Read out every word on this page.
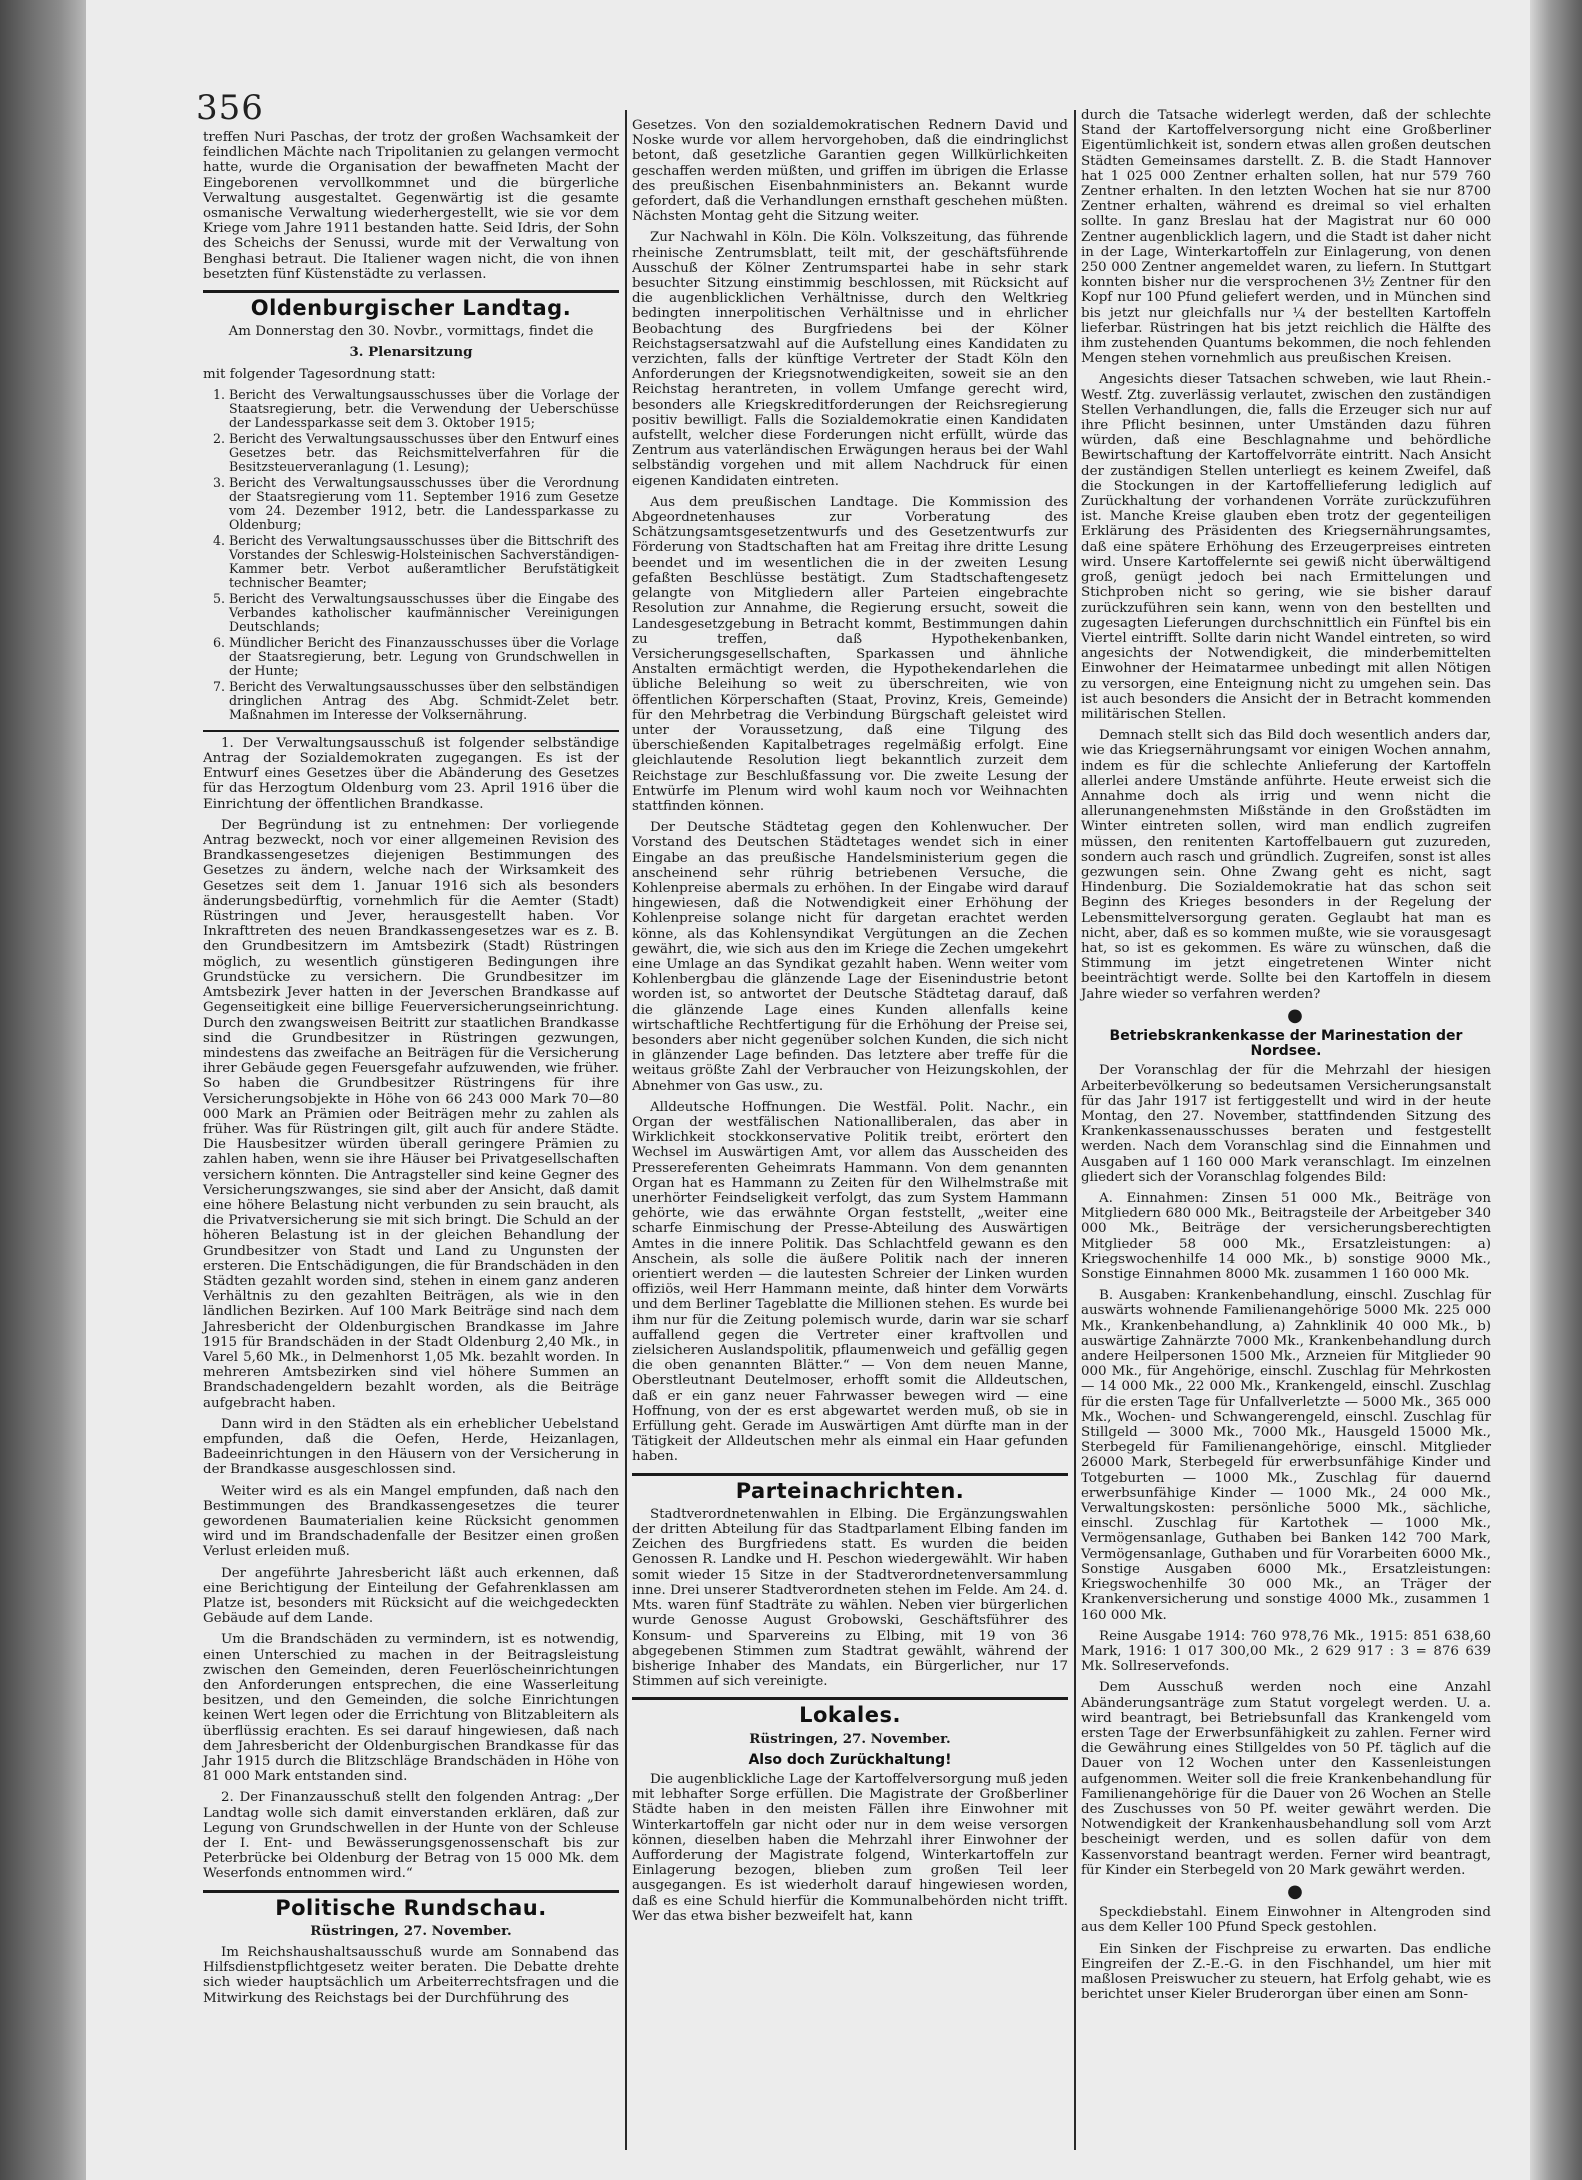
356

treffen Nuri Paschas, der trotz der großen Wachsamkeit der feindlichen Mächte nach Tripolitanien zu gelangen vermocht hatte, wurde die Organisation der bewaffneten Macht der Eingeborenen vervollkommnet und die bürgerliche Verwaltung ausgestaltet. Gegenwärtig ist die gesamte osmanische Verwaltung wiederhergestellt, wie sie vor dem Kriege vom Jahre 1911 bestanden hatte. Seid Idris, der Sohn des Scheichs der Senussi, wurde mit der Verwaltung von Benghasi betraut. Die Italiener wagen nicht, die von ihnen besetzten fünf Küstenstädte zu verlassen.

Oldenburgischer Landtag.

Am Donnerstag den 30. Novbr., vormittags, findet die

3. Plenarsitzung

mit folgender Tagesordnung statt:

1. Bericht des Verwaltungsausschusses über die Vorlage der Staatsregierung, betr. die Verwendung der Ueberschüsse der Landessparkasse seit dem 3. Oktober 1915;
2. Bericht des Verwaltungsausschusses über den Entwurf eines Gesetzes betr. das Reichsmittelverfahren für die Besitzsteuerveranlagung (1. Lesung);
3. Bericht des Verwaltungsausschusses über die Verordnung der Staatsregierung vom 11. September 1916 zum Gesetze vom 24. Dezember 1912, betr. die Landessparkasse zu Oldenburg;
4. Bericht des Verwaltungsausschusses über die Bittschrift des Vorstandes der Schleswig-Holsteinischen Sachverständigen-Kammer betr. Verbot außeramtlicher Berufstätigkeit technischer Beamter;
5. Bericht des Verwaltungsausschusses über die Eingabe des Verbandes katholischer kaufmännischer Vereinigungen Deutschlands;
6. Mündlicher Bericht des Finanzausschusses über die Vorlage der Staatsregierung, betr. Legung von Grundschwellen in der Hunte;
7. Bericht des Verwaltungsausschusses über den selbständigen dringlichen Antrag des Abg. Schmidt-Zelet betr. Maßnahmen im Interesse der Volksernährung.

1. Der Verwaltungsausschuß ist folgender selbständige Antrag der Sozialdemokraten zugegangen. Es ist der Entwurf eines Gesetzes über die Abänderung des Gesetzes für das Herzogtum Oldenburg vom 23. April 1916 über die Einrichtung der öffentlichen Brandkasse.

Der Begründung ist zu entnehmen: Der vorliegende Antrag bezweckt, noch vor einer allgemeinen Revision des Brandkassengesetzes diejenigen Bestimmungen des Gesetzes zu ändern, welche nach der Wirksamkeit des Gesetzes seit dem 1. Januar 1916 sich als besonders änderungsbedürftig, vornehmlich für die Aemter (Stadt) Rüstringen und Jever, herausgestellt haben. Vor Inkrafttreten des neuen Brandkassengesetzes war es z. B. den Grundbesitzern im Amtsbezirk (Stadt) Rüstringen möglich, zu wesentlich günstigeren Bedingungen ihre Grundstücke zu versichern. Die Grundbesitzer im Amtsbezirk Jever hatten in der Jeverschen Brandkasse auf Gegenseitigkeit eine billige Feuerversicherungseinrichtung. Durch den zwangsweisen Beitritt zur staatlichen Brandkasse sind die Grundbesitzer in Rüstringen gezwungen, mindestens das zweifache an Beiträgen für die Versicherung ihrer Gebäude gegen Feuersgefahr aufzuwenden, wie früher. So haben die Grundbesitzer Rüstringens für ihre Versicherungsobjekte in Höhe von 66 243 000 Mark 70—80 000 Mark an Prämien oder Beiträgen mehr zu zahlen als früher. Was für Rüstringen gilt, gilt auch für andere Städte. Die Hausbesitzer würden überall geringere Prämien zu zahlen haben, wenn sie ihre Häuser bei Privatgesellschaften versichern könnten. Die Antragsteller sind keine Gegner des Versicherungszwanges, sie sind aber der Ansicht, daß damit eine höhere Belastung nicht verbunden zu sein braucht, als die Privatversicherung sie mit sich bringt. Die Schuld an der höheren Belastung ist in der gleichen Behandlung der Grundbesitzer von Stadt und Land zu Ungunsten der ersteren. Die Entschädigungen, die für Brandschäden in den Städten gezahlt worden sind, stehen in einem ganz anderen Verhältnis zu den gezahlten Beiträgen, als wie in den ländlichen Bezirken. Auf 100 Mark Beiträge sind nach dem Jahresbericht der Oldenburgischen Brandkasse im Jahre 1915 für Brandschäden in der Stadt Oldenburg 2,40 Mk., in Varel 5,60 Mk., in Delmenhorst 1,05 Mk. bezahlt worden. In mehreren Amtsbezirken sind viel höhere Summen an Brandschadengeldern bezahlt worden, als die Beiträge aufgebracht haben.

Dann wird in den Städten als ein erheblicher Uebelstand empfunden, daß die Oefen, Herde, Heizanlagen, Badeeinrichtungen in den Häusern von der Versicherung in der Brandkasse ausgeschlossen sind.

Weiter wird es als ein Mangel empfunden, daß nach den Bestimmungen des Brandkassengesetzes die teurer gewordenen Baumaterialien keine Rücksicht genommen wird und im Brandschadenfalle der Besitzer einen großen Verlust erleiden muß.

Der angeführte Jahresbericht läßt auch erkennen, daß eine Berichtigung der Einteilung der Gefahrenklassen am Platze ist, besonders mit Rücksicht auf die weichgedeckten Gebäude auf dem Lande.

Um die Brandschäden zu vermindern, ist es notwendig, einen Unterschied zu machen in der Beitragsleistung zwischen den Gemeinden, deren Feuerlöscheinrichtungen den Anforderungen entsprechen, die eine Wasserleitung besitzen, und den Gemeinden, die solche Einrichtungen keinen Wert legen oder die Errichtung von Blitzableitern als überflüssig erachten. Es sei darauf hingewiesen, daß nach dem Jahresbericht der Oldenburgischen Brandkasse für das Jahr 1915 durch die Blitzschläge Brandschäden in Höhe von 81 000 Mark entstanden sind.

2. Der Finanzausschuß stellt den folgenden Antrag: „Der Landtag wolle sich damit einverstanden erklären, daß zur Legung von Grundschwellen in der Hunte von der Schleuse der I. Ent- und Bewässerungsgenossenschaft bis zur Peterbrücke bei Oldenburg der Betrag von 15 000 Mk. dem Weserfonds entnommen wird.“

Politische Rundschau.

Rüstringen, 27. November.

Im Reichshaushaltsausschuß wurde am Sonnabend das Hilfsdienstpflichtgesetz weiter beraten. Die Debatte drehte sich wieder hauptsächlich um Arbeiterrechtsfragen und die Mitwirkung des Reichstags bei der Durchführung des

Gesetzes. Von den sozialdemokratischen Rednern David und Noske wurde vor allem hervorgehoben, daß die eindringlichst betont, daß gesetzliche Garantien gegen Willkürlichkeiten geschaffen werden müßten, und griffen im übrigen die Erlasse des preußischen Eisenbahnministers an. Bekannt wurde gefordert, daß die Verhandlungen ernsthaft geschehen müßten. Nächsten Montag geht die Sitzung weiter.

Zur Nachwahl in Köln. Die Köln. Volkszeitung, das führende rheinische Zentrumsblatt, teilt mit, der geschäftsführende Ausschuß der Kölner Zentrumspartei habe in sehr stark besuchter Sitzung einstimmig beschlossen, mit Rücksicht auf die augenblicklichen Verhältnisse, durch den Weltkrieg bedingten innerpolitischen Verhältnisse und in ehrlicher Beobachtung des Burgfriedens bei der Kölner Reichstagsersatzwahl auf die Aufstellung eines Kandidaten zu verzichten, falls der künftige Vertreter der Stadt Köln den Anforderungen der Kriegsnotwendigkeiten, soweit sie an den Reichstag herantreten, in vollem Umfange gerecht wird, besonders alle Kriegskreditforderungen der Reichsregierung positiv bewilligt. Falls die Sozialdemokratie einen Kandidaten aufstellt, welcher diese Forderungen nicht erfüllt, würde das Zentrum aus vaterländischen Erwägungen heraus bei der Wahl selbständig vorgehen und mit allem Nachdruck für einen eigenen Kandidaten eintreten.

Aus dem preußischen Landtage. Die Kommission des Abgeordnetenhauses zur Vorberatung des Schätzungsamtsgesetzentwurfs und des Gesetzentwurfs zur Förderung von Stadtschaften hat am Freitag ihre dritte Lesung beendet und im wesentlichen die in der zweiten Lesung gefaßten Beschlüsse bestätigt. Zum Stadtschaftengesetz gelangte von Mitgliedern aller Parteien eingebrachte Resolution zur Annahme, die Regierung ersucht, soweit die Landesgesetzgebung in Betracht kommt, Bestimmungen dahin zu treffen, daß Hypothekenbanken, Versicherungsgesellschaften, Sparkassen und ähnliche Anstalten ermächtigt werden, die Hypothekendarlehen die übliche Beleihung so weit zu überschreiten, wie von öffentlichen Körperschaften (Staat, Provinz, Kreis, Gemeinde) für den Mehrbetrag die Verbindung Bürgschaft geleistet wird unter der Voraussetzung, daß eine Tilgung des überschießenden Kapitalbetrages regelmäßig erfolgt. Eine gleichlautende Resolution liegt bekanntlich zurzeit dem Reichstage zur Beschlußfassung vor. Die zweite Lesung der Entwürfe im Plenum wird wohl kaum noch vor Weihnachten stattfinden können.

Der Deutsche Städtetag gegen den Kohlenwucher. Der Vorstand des Deutschen Städtetages wendet sich in einer Eingabe an das preußische Handelsministerium gegen die anscheinend sehr rührig betriebenen Versuche, die Kohlenpreise abermals zu erhöhen. In der Eingabe wird darauf hingewiesen, daß die Notwendigkeit einer Erhöhung der Kohlenpreise solange nicht für dargetan erachtet werden könne, als das Kohlensyndikat Vergütungen an die Zechen gewährt, die, wie sich aus den im Kriege die Zechen umgekehrt eine Umlage an das Syndikat gezahlt haben. Wenn weiter vom Kohlenbergbau die glänzende Lage der Eisenindustrie betont worden ist, so antwortet der Deutsche Städtetag darauf, daß die glänzende Lage eines Kunden allenfalls keine wirtschaftliche Rechtfertigung für die Erhöhung der Preise sei, besonders aber nicht gegenüber solchen Kunden, die sich nicht in glänzender Lage befinden. Das letztere aber treffe für die weitaus größte Zahl der Verbraucher von Heizungskohlen, der Abnehmer von Gas usw., zu.

Alldeutsche Hoffnungen. Die Westfäl. Polit. Nachr., ein Organ der westfälischen Nationalliberalen, das aber in Wirklichkeit stockkonservative Politik treibt, erörtert den Wechsel im Auswärtigen Amt, vor allem das Ausscheiden des Pressereferenten Geheimrats Hammann. Von dem genannten Organ hat es Hammann zu Zeiten für den Wilhelmstraße mit unerhörter Feindseligkeit verfolgt, das zum System Hammann gehörte, wie das erwähnte Organ feststellt, „weiter eine scharfe Einmischung der Presse-Abteilung des Auswärtigen Amtes in die innere Politik. Das Schlachtfeld gewann es den Anschein, als solle die äußere Politik nach der inneren orientiert werden — die lautesten Schreier der Linken wurden offiziös, weil Herr Hammann meinte, daß hinter dem Vorwärts und dem Berliner Tageblatte die Millionen stehen. Es wurde bei ihm nur für die Zeitung polemisch wurde, darin war sie scharf auffallend gegen die Vertreter einer kraftvollen und zielsicheren Auslandspolitik, pflaumenweich und gefällig gegen die oben genannten Blätter.“ — Von dem neuen Manne, Oberstleutnant Deutelmoser, erhofft somit die Alldeutschen, daß er ein ganz neuer Fahrwasser bewegen wird — eine Hoffnung, von der es erst abgewartet werden muß, ob sie in Erfüllung geht. Gerade im Auswärtigen Amt dürfte man in der Tätigkeit der Alldeutschen mehr als einmal ein Haar gefunden haben.

Parteinachrichten.

Stadtverordnetenwahlen in Elbing. Die Ergänzungswahlen der dritten Abteilung für das Stadtparlament Elbing fanden im Zeichen des Burgfriedens statt. Es wurden die beiden Genossen R. Landke und H. Peschon wiedergewählt. Wir haben somit wieder 15 Sitze in der Stadtverordnetenversammlung inne. Drei unserer Stadtverordneten stehen im Felde. Am 24. d. Mts. waren fünf Stadträte zu wählen. Neben vier bürgerlichen wurde Genosse August Grobowski, Geschäftsführer des Konsum- und Sparvereins zu Elbing, mit 19 von 36 abgegebenen Stimmen zum Stadtrat gewählt, während der bisherige Inhaber des Mandats, ein Bürgerlicher, nur 17 Stimmen auf sich vereinigte.

Lokales.

Rüstringen, 27. November.

Also doch Zurückhaltung!

Die augenblickliche Lage der Kartoffelversorgung muß jeden mit lebhafter Sorge erfüllen. Die Magistrate der Großberliner Städte haben in den meisten Fällen ihre Einwohner mit Winterkartoffeln gar nicht oder nur in dem weise versorgen können, dieselben haben die Mehrzahl ihrer Einwohner der Aufforderung der Magistrate folgend, Winterkartoffeln zur Einlagerung bezogen, blieben zum großen Teil leer ausgegangen. Es ist wiederholt darauf hingewiesen worden, daß es eine Schuld hierfür die Kommunalbehörden nicht trifft. Wer das etwa bisher bezweifelt hat, kann

durch die Tatsache widerlegt werden, daß der schlechte Stand der Kartoffelversorgung nicht eine Großberliner Eigentümlichkeit ist, sondern etwas allen großen deutschen Städten Gemeinsames darstellt. Z. B. die Stadt Hannover hat 1 025 000 Zentner erhalten sollen, hat nur 579 760 Zentner erhalten. In den letzten Wochen hat sie nur 8700 Zentner erhalten, während es dreimal so viel erhalten sollte. In ganz Breslau hat der Magistrat nur 60 000 Zentner augenblicklich lagern, und die Stadt ist daher nicht in der Lage, Winterkartoffeln zur Einlagerung, von denen 250 000 Zentner angemeldet waren, zu liefern. In Stuttgart konnten bisher nur die versprochenen 3½ Zentner für den Kopf nur 100 Pfund geliefert werden, und in München sind bis jetzt nur gleichfalls nur ¼ der bestellten Kartoffeln lieferbar. Rüstringen hat bis jetzt reichlich die Hälfte des ihm zustehenden Quantums bekommen, die noch fehlenden Mengen stehen vornehmlich aus preußischen Kreisen.

Angesichts dieser Tatsachen schweben, wie laut Rhein.-Westf. Ztg. zuverlässig verlautet, zwischen den zuständigen Stellen Verhandlungen, die, falls die Erzeuger sich nur auf ihre Pflicht besinnen, unter Umständen dazu führen würden, daß eine Beschlagnahme und behördliche Bewirtschaftung der Kartoffelvorräte eintritt. Nach Ansicht der zuständigen Stellen unterliegt es keinem Zweifel, daß die Stockungen in der Kartoffellieferung lediglich auf Zurückhaltung der vorhandenen Vorräte zurückzuführen ist. Manche Kreise glauben eben trotz der gegenteiligen Erklärung des Präsidenten des Kriegsernährungsamtes, daß eine spätere Erhöhung des Erzeugerpreises eintreten wird. Unsere Kartoffelernte sei gewiß nicht überwältigend groß, genügt jedoch bei nach Ermittelungen und Stichproben nicht so gering, wie sie bisher darauf zurückzuführen sein kann, wenn von den bestellten und zugesagten Lieferungen durchschnittlich ein Fünftel bis ein Viertel eintrifft. Sollte darin nicht Wandel eintreten, so wird angesichts der Notwendigkeit, die minderbemittelten Einwohner der Heimatarmee unbedingt mit allen Nötigen zu versorgen, eine Enteignung nicht zu umgehen sein. Das ist auch besonders die Ansicht der in Betracht kommenden militärischen Stellen.

Demnach stellt sich das Bild doch wesentlich anders dar, wie das Kriegsernährungsamt vor einigen Wochen annahm, indem es für die schlechte Anlieferung der Kartoffeln allerlei andere Umstände anführte. Heute erweist sich die Annahme doch als irrig und wenn nicht die allerunangenehmsten Mißstände in den Großstädten im Winter eintreten sollen, wird man endlich zugreifen müssen, den renitenten Kartoffelbauern gut zuzureden, sondern auch rasch und gründlich. Zugreifen, sonst ist alles gezwungen sein. Ohne Zwang geht es nicht, sagt Hindenburg. Die Sozialdemokratie hat das schon seit Beginn des Krieges besonders in der Regelung der Lebensmittelversorgung geraten. Geglaubt hat man es nicht, aber, daß es so kommen mußte, wie sie vorausgesagt hat, so ist es gekommen. Es wäre zu wünschen, daß die Stimmung im jetzt eingetretenen Winter nicht beeinträchtigt werde. Sollte bei den Kartoffeln in diesem Jahre wieder so verfahren werden?

●

Betriebskrankenkasse der Marinestation der Nordsee.

Der Voranschlag der für die Mehrzahl der hiesigen Arbeiterbevölkerung so bedeutsamen Versicherungsanstalt für das Jahr 1917 ist fertiggestellt und wird in der heute Montag, den 27. November, stattfindenden Sitzung des Krankenkassenausschusses beraten und festgestellt werden. Nach dem Voranschlag sind die Einnahmen und Ausgaben auf 1 160 000 Mark veranschlagt. Im einzelnen gliedert sich der Voranschlag folgendes Bild:

A. Einnahmen: Zinsen 51 000 Mk., Beiträge von Mitgliedern 680 000 Mk., Beitragsteile der Arbeitgeber 340 000 Mk., Beiträge der versicherungsberechtigten Mitglieder 58 000 Mk., Ersatzleistungen: a) Kriegswochenhilfe 14 000 Mk., b) sonstige 9000 Mk., Sonstige Einnahmen 8000 Mk. zusammen 1 160 000 Mk.

B. Ausgaben: Krankenbehandlung, einschl. Zuschlag für auswärts wohnende Familienangehörige 5000 Mk. 225 000 Mk., Krankenbehandlung, a) Zahnklinik 40 000 Mk., b) auswärtige Zahnärzte 7000 Mk., Krankenbehandlung durch andere Heilpersonen 1500 Mk., Arzneien für Mitglieder 90 000 Mk., für Angehörige, einschl. Zuschlag für Mehrkosten — 14 000 Mk., 22 000 Mk., Krankengeld, einschl. Zuschlag für die ersten Tage für Unfallverletzte — 5000 Mk., 365 000 Mk., Wochen- und Schwangerengeld, einschl. Zuschlag für Stillgeld — 3000 Mk., 7000 Mk., Hausgeld 15000 Mk., Sterbegeld für Familienangehörige, einschl. Mitglieder 26000 Mark, Sterbegeld für erwerbsunfähige Kinder und Totgeburten — 1000 Mk., Zuschlag für dauernd erwerbsunfähige Kinder — 1000 Mk., 24 000 Mk., Verwaltungskosten: persönliche 5000 Mk., sächliche, einschl. Zuschlag für Kartothek — 1000 Mk., Vermögensanlage, Guthaben bei Banken 142 700 Mark, Vermögensanlage, Guthaben und für Vorarbeiten 6000 Mk., Sonstige Ausgaben 6000 Mk., Ersatzleistungen: Kriegswochenhilfe 30 000 Mk., an Träger der Krankenversicherung und sonstige 4000 Mk., zusammen 1 160 000 Mk.

Reine Ausgabe 1914: 760 978,76 Mk., 1915: 851 638,60 Mark, 1916: 1 017 300,00 Mk., 2 629 917 : 3 = 876 639 Mk. Sollreservefonds.

Dem Ausschuß werden noch eine Anzahl Abänderungsanträge zum Statut vorgelegt werden. U. a. wird beantragt, bei Betriebsunfall das Krankengeld vom ersten Tage der Erwerbsunfähigkeit zu zahlen. Ferner wird die Gewährung eines Stillgeldes von 50 Pf. täglich auf die Dauer von 12 Wochen unter den Kassenleistungen aufgenommen. Weiter soll die freie Krankenbehandlung für Familienangehörige für die Dauer von 26 Wochen an Stelle des Zuschusses von 50 Pf. weiter gewährt werden. Die Notwendigkeit der Krankenhausbehandlung soll vom Arzt bescheinigt werden, und es sollen dafür von dem Kassenvorstand beantragt werden. Ferner wird beantragt, für Kinder ein Sterbegeld von 20 Mark gewährt werden.

●

Speckdiebstahl. Einem Einwohner in Altengroden sind aus dem Keller 100 Pfund Speck gestohlen.

Ein Sinken der Fischpreise zu erwarten. Das endliche Eingreifen der Z.-E.-G. in den Fischhandel, um hier mit maßlosen Preiswucher zu steuern, hat Erfolg gehabt, wie es berichtet unser Kieler Bruderorgan über einen am Sonn-
